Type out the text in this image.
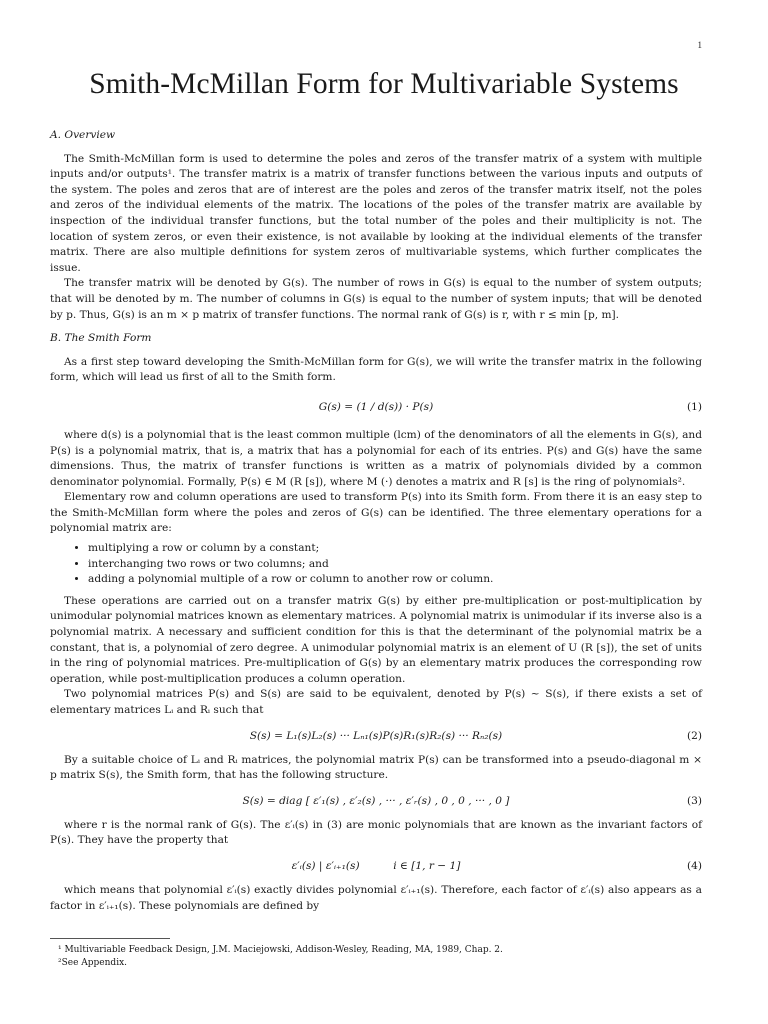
1
Smith-McMillan Form for Multivariable Systems
A. Overview

The Smith-McMillan form is used to determine the poles and zeros of the transfer matrix of a system with multiple inputs and/or outputs¹. The transfer matrix is a matrix of transfer functions between the various inputs and outputs of the system. The poles and zeros that are of interest are the poles and zeros of the transfer matrix itself, not the poles and zeros of the individual elements of the matrix. The locations of the poles of the transfer matrix are available by inspection of the individual transfer functions, but the total number of the poles and their multiplicity is not. The location of system zeros, or even their existence, is not available by looking at the individual elements of the transfer matrix. There are also multiple definitions for system zeros of multivariable systems, which further complicates the issue.

The transfer matrix will be denoted by G(s). The number of rows in G(s) is equal to the number of system outputs; that will be denoted by m. The number of columns in G(s) is equal to the number of system inputs; that will be denoted by p. Thus, G(s) is an m × p matrix of transfer functions. The normal rank of G(s) is r, with r ≤ min [p, m].

B. The Smith Form

As a first step toward developing the Smith-McMillan form for G(s), we will write the transfer matrix in the following form, which will lead us first of all to the Smith form.

G(s) = (1 / d(s)) · P(s)	(1)

where d(s) is a polynomial that is the least common multiple (lcm) of the denominators of all the elements in G(s), and P(s) is a polynomial matrix, that is, a matrix that has a polynomial for each of its entries. P(s) and G(s) have the same dimensions. Thus, the matrix of transfer functions is written as a matrix of polynomials divided by a common denominator polynomial. Formally, P(s) ∈ M (R [s]), where M (·) denotes a matrix and R [s] is the ring of polynomials².

Elementary row and column operations are used to transform P(s) into its Smith form. From there it is an easy step to the Smith-McMillan form where the poles and zeros of G(s) can be identified. The three elementary operations for a polynomial matrix are:

• multiplying a row or column by a constant;
• interchanging two rows or two columns; and
• adding a polynomial multiple of a row or column to another row or column.

These operations are carried out on a transfer matrix G(s) by either pre-multiplication or post-multiplication by unimodular polynomial matrices known as elementary matrices. A polynomial matrix is unimodular if its inverse also is a polynomial matrix. A necessary and sufficient condition for this is that the determinant of the polynomial matrix be a constant, that is, a polynomial of zero degree. A unimodular polynomial matrix is an element of U (R [s]), the set of units in the ring of polynomial matrices. Pre-multiplication of G(s) by an elementary matrix produces the corresponding row operation, while post-multiplication produces a column operation.

Two polynomial matrices P(s) and S(s) are said to be equivalent, denoted by P(s) ~ S(s), if there exists a set of elementary matrices Lᵢ and Rᵢ such that

S(s) = L₁(s)L₂(s) ··· Lₙ₁(s)P(s)R₁(s)R₂(s) ··· Rₙ₂(s)	(2)

By a suitable choice of Lᵢ and Rᵢ matrices, the polynomial matrix P(s) can be transformed into a pseudo-diagonal m × p matrix S(s), the Smith form, that has the following structure.

S(s) = diag [ ε′₁(s) , ε′₂(s) , ··· , ε′ᵣ(s) , 0 , 0 , ··· , 0 ]	(3)

where r is the normal rank of G(s). The ε′ᵢ(s) in (3) are monic polynomials that are known as the invariant factors of P(s). They have the property that

ε′ᵢ(s) | ε′ᵢ₊₁(s)          i ∈ [1, r − 1]	(4)

which means that polynomial ε′ᵢ(s) exactly divides polynomial ε′ᵢ₊₁(s). Therefore, each factor of ε′ᵢ(s) also appears as a factor in ε′ᵢ₊₁(s). These polynomials are defined by

¹ Multivariable Feedback Design, J.M. Maciejowski, Addison-Wesley, Reading, MA, 1989, Chap. 2.

²See Appendix.
